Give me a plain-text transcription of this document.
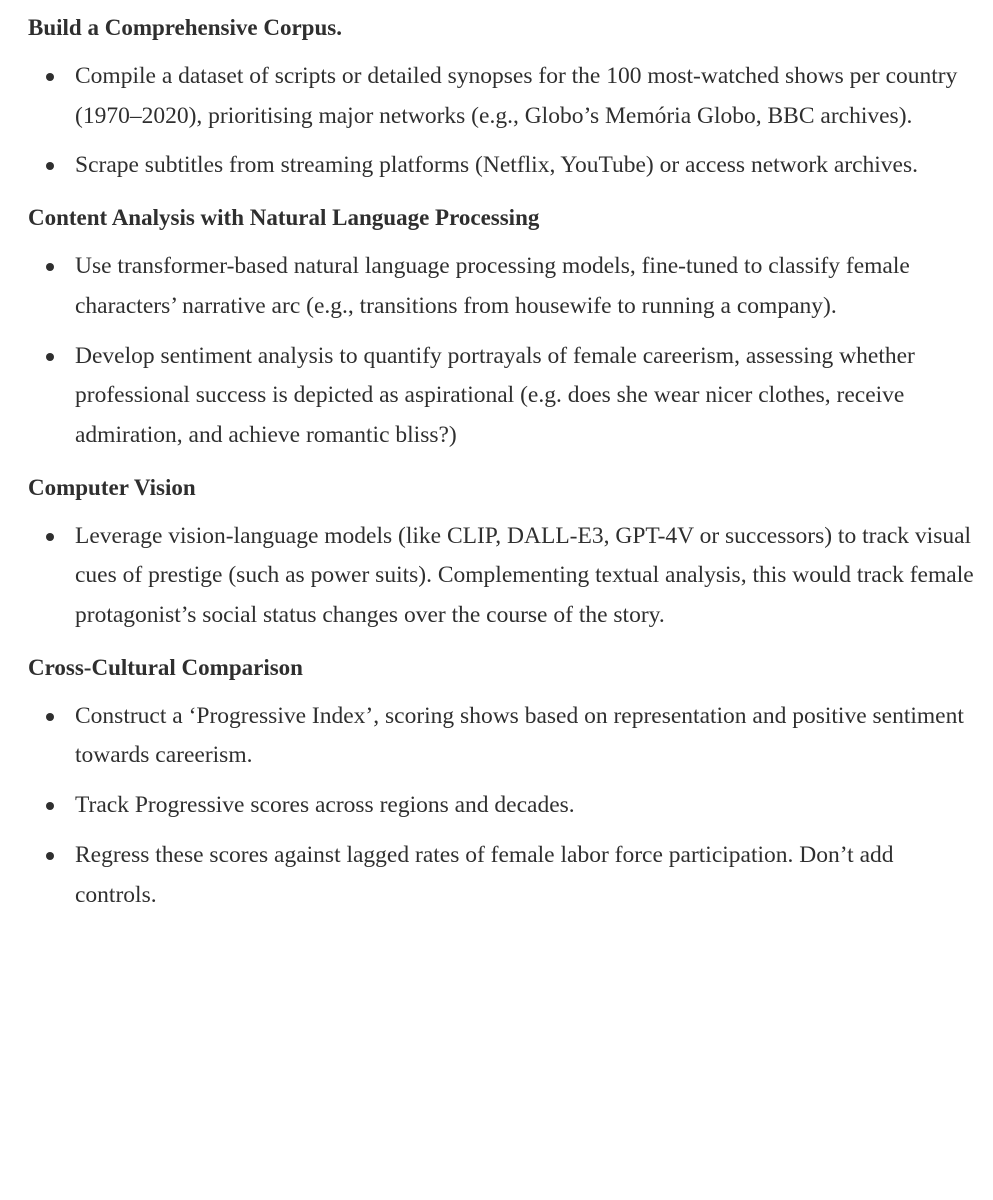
Build a Comprehensive Corpus.
Compile a dataset of scripts or detailed synopses for the 100 most-watched shows per country (1970–2020), prioritising major networks (e.g., Globo’s Memória Globo, BBC archives).
Scrape subtitles from streaming platforms (Netflix, YouTube) or access network archives.
Content Analysis with Natural Language Processing
Use transformer-based natural language processing models, fine-tuned to classify female characters’ narrative arc (e.g., transitions from housewife to running a company).
Develop sentiment analysis to quantify portrayals of female careerism, assessing whether professional success is depicted as aspirational (e.g. does she wear nicer clothes, receive admiration, and achieve romantic bliss?)
Computer Vision
Leverage vision-language models (like CLIP, DALL-E3, GPT-4V or successors) to track visual cues of prestige (such as power suits). Complementing textual analysis, this would track female protagonist’s social status changes over the course of the story.
Cross-Cultural Comparison
Construct a ‘Progressive Index’, scoring shows based on representation and positive sentiment towards careerism.
Track Progressive scores across regions and decades.
Regress these scores against lagged rates of female labor force participation. Don’t add controls.
